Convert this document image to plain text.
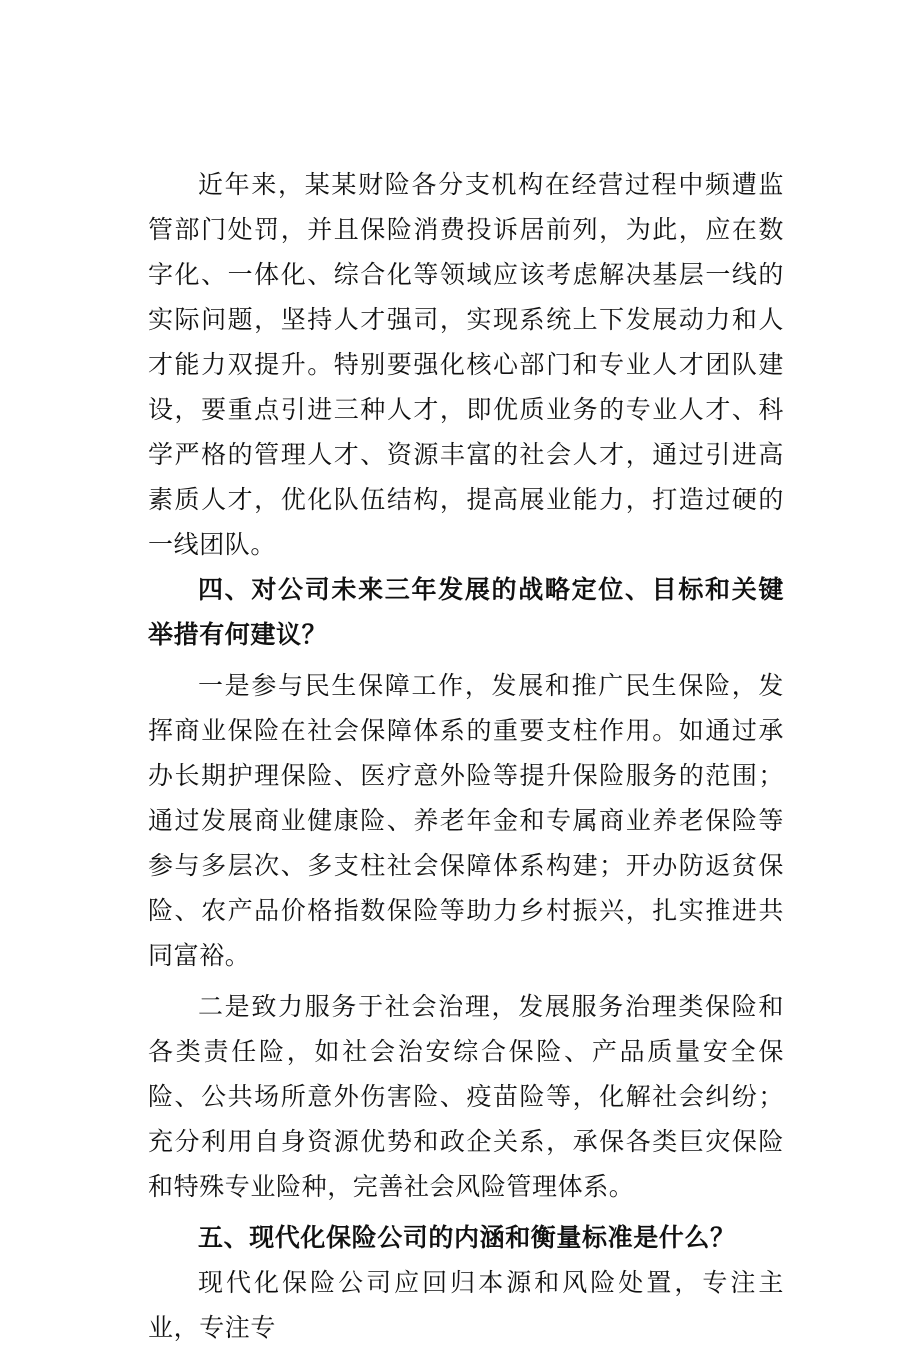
近年来，某某财险各分支机构在经营过程中频遭监管部门处罚，并且保险消费投诉居前列，为此，应在数字化、一体化、综合化等领域应该考虑解决基层一线的实际问题，坚持人才强司，实现系统上下发展动力和人才能力双提升。特别要强化核心部门和专业人才团队建设，要重点引进三种人才，即优质业务的专业人才、科学严格的管理人才、资源丰富的社会人才，通过引进高素质人才，优化队伍结构，提高展业能力，打造过硬的一线团队。

四、对公司未来三年发展的战略定位、目标和关键举措有何建议？

一是参与民生保障工作，发展和推广民生保险，发挥商业保险在社会保障体系的重要支柱作用。如通过承办长期护理保险、医疗意外险等提升保险服务的范围；通过发展商业健康险、养老年金和专属商业养老保险等参与多层次、多支柱社会保障体系构建；开办防返贫保险、农产品价格指数保险等助力乡村振兴，扎实推进共同富裕。

二是致力服务于社会治理，发展服务治理类保险和各类责任险，如社会治安综合保险、产品质量安全保险、公共场所意外伤害险、疫苗险等，化解社会纠纷；充分利用自身资源优势和政企关系，承保各类巨灾保险和特殊专业险种，完善社会风险管理体系。

五、现代化保险公司的内涵和衡量标准是什么？

现代化保险公司应回归本源和风险处置，专注主业，专注专
